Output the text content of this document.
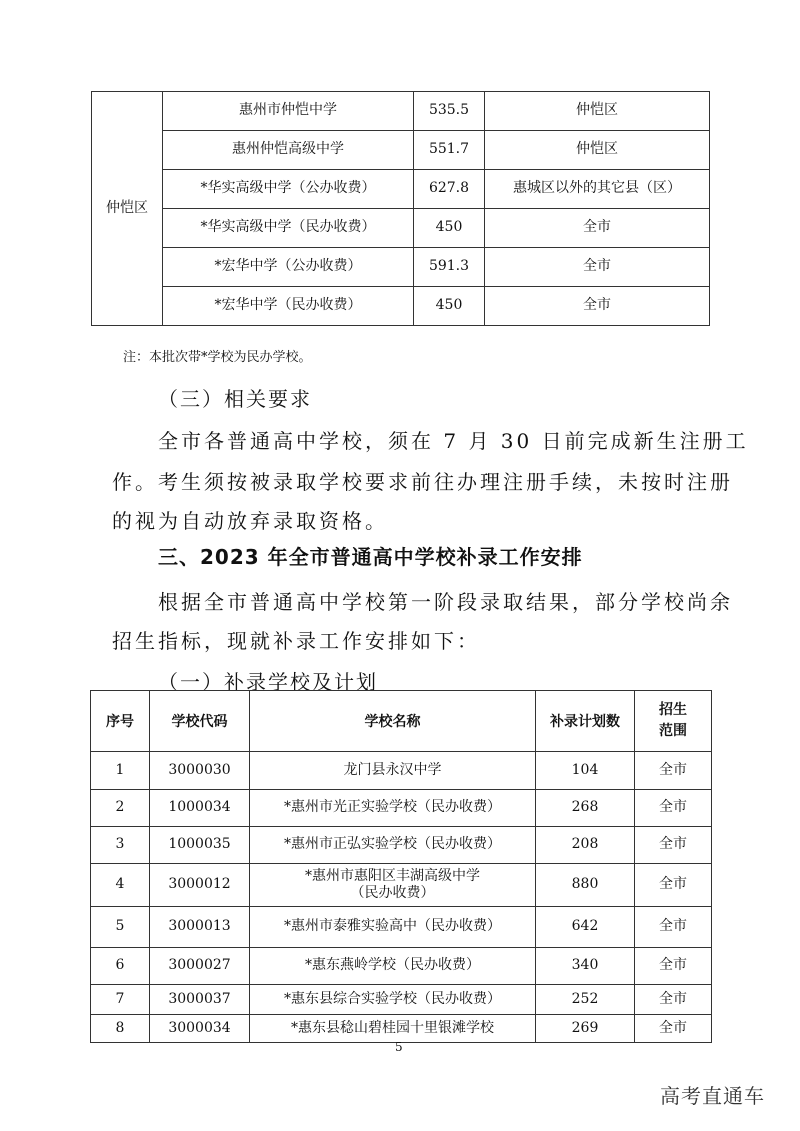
仲恺区	惠州市仲恺中学	535.5	仲恺区
	惠州仲恺高级中学	551.7	仲恺区
	*华实高级中学（公办收费）	627.8	惠城区以外的其它县（区）
	*华实高级中学（民办收费）	450	全市
	*宏华中学（公办收费）	591.3	全市
	*宏华中学（民办收费）	450	全市
注：本批次带*学校为民办学校。
（三）相关要求
全市各普通高中学校，须在 7 月 30 日前完成新生注册工
作。考生须按被录取学校要求前往办理注册手续，未按时注册
的视为自动放弃录取资格。
三、2023 年全市普通高中学校补录工作安排
根据全市普通高中学校第一阶段录取结果，部分学校尚余
招生指标，现就补录工作安排如下：
（一）补录学校及计划
序号	学校代码	学校名称	补录计划数	招生范围
1	3000030	龙门县永汉中学	104	全市
2	1000034	*惠州市光正实验学校（民办收费）	268	全市
3	1000035	*惠州市正弘实验学校（民办收费）	208	全市
4	3000012	*惠州市惠阳区丰湖高级中学（民办收费）	880	全市
5	3000013	*惠州市泰雅实验高中（民办收费）	642	全市
6	3000027	*惠东燕岭学校（民办收费）	340	全市
7	3000037	*惠东县综合实验学校（民办收费）	252	全市
8	3000034	*惠东县稔山碧桂园十里银滩学校	269	全市
5
高考直通车
